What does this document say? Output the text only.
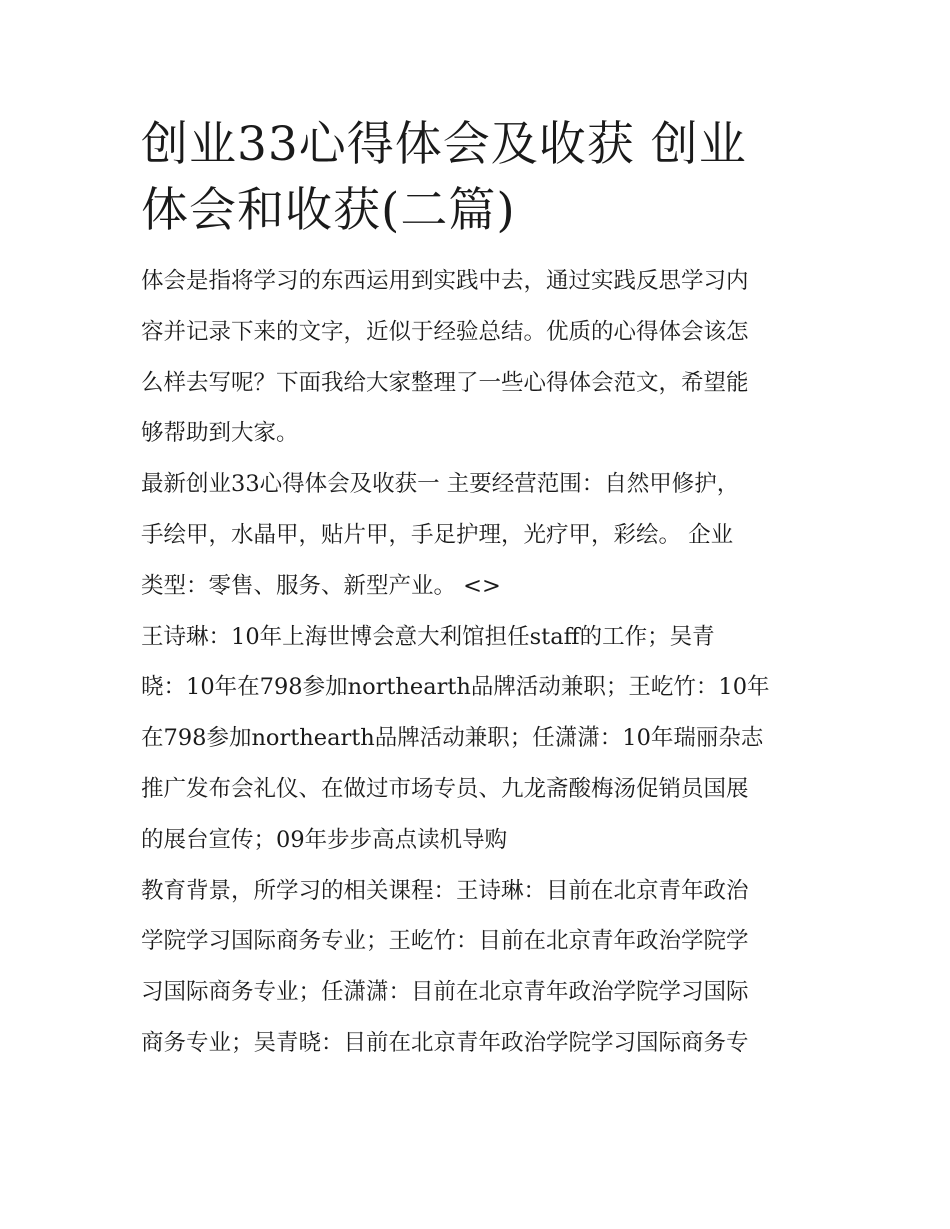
创业33心得体会及收获 创业
体会和收获(二篇)

体会是指将学习的东西运用到实践中去，通过实践反思学习内
容并记录下来的文字，近似于经验总结。优质的心得体会该怎
么样去写呢？下面我给大家整理了一些心得体会范文，希望能
够帮助到大家。

最新创业33心得体会及收获一 主要经营范围：自然甲修护，
手绘甲，水晶甲，贴片甲，手足护理，光疗甲，彩绘。 企业
类型：零售、服务、新型产业。 <>

王诗琳：10年上海世博会意大利馆担任staff的工作；吴青
晓：10年在798参加northearth品牌活动兼职；王屹竹：10年
在798参加northearth品牌活动兼职；任潇潇：10年瑞丽杂志
推广发布会礼仪、在做过市场专员、九龙斋酸梅汤促销员国展
的展台宣传；09年步步高点读机导购

教育背景，所学习的相关课程：王诗琳：目前在北京青年政治
学院学习国际商务专业；王屹竹：目前在北京青年政治学院学
习国际商务专业；任潇潇：目前在北京青年政治学院学习国际
商务专业；吴青晓：目前在北京青年政治学院学习国际商务专
